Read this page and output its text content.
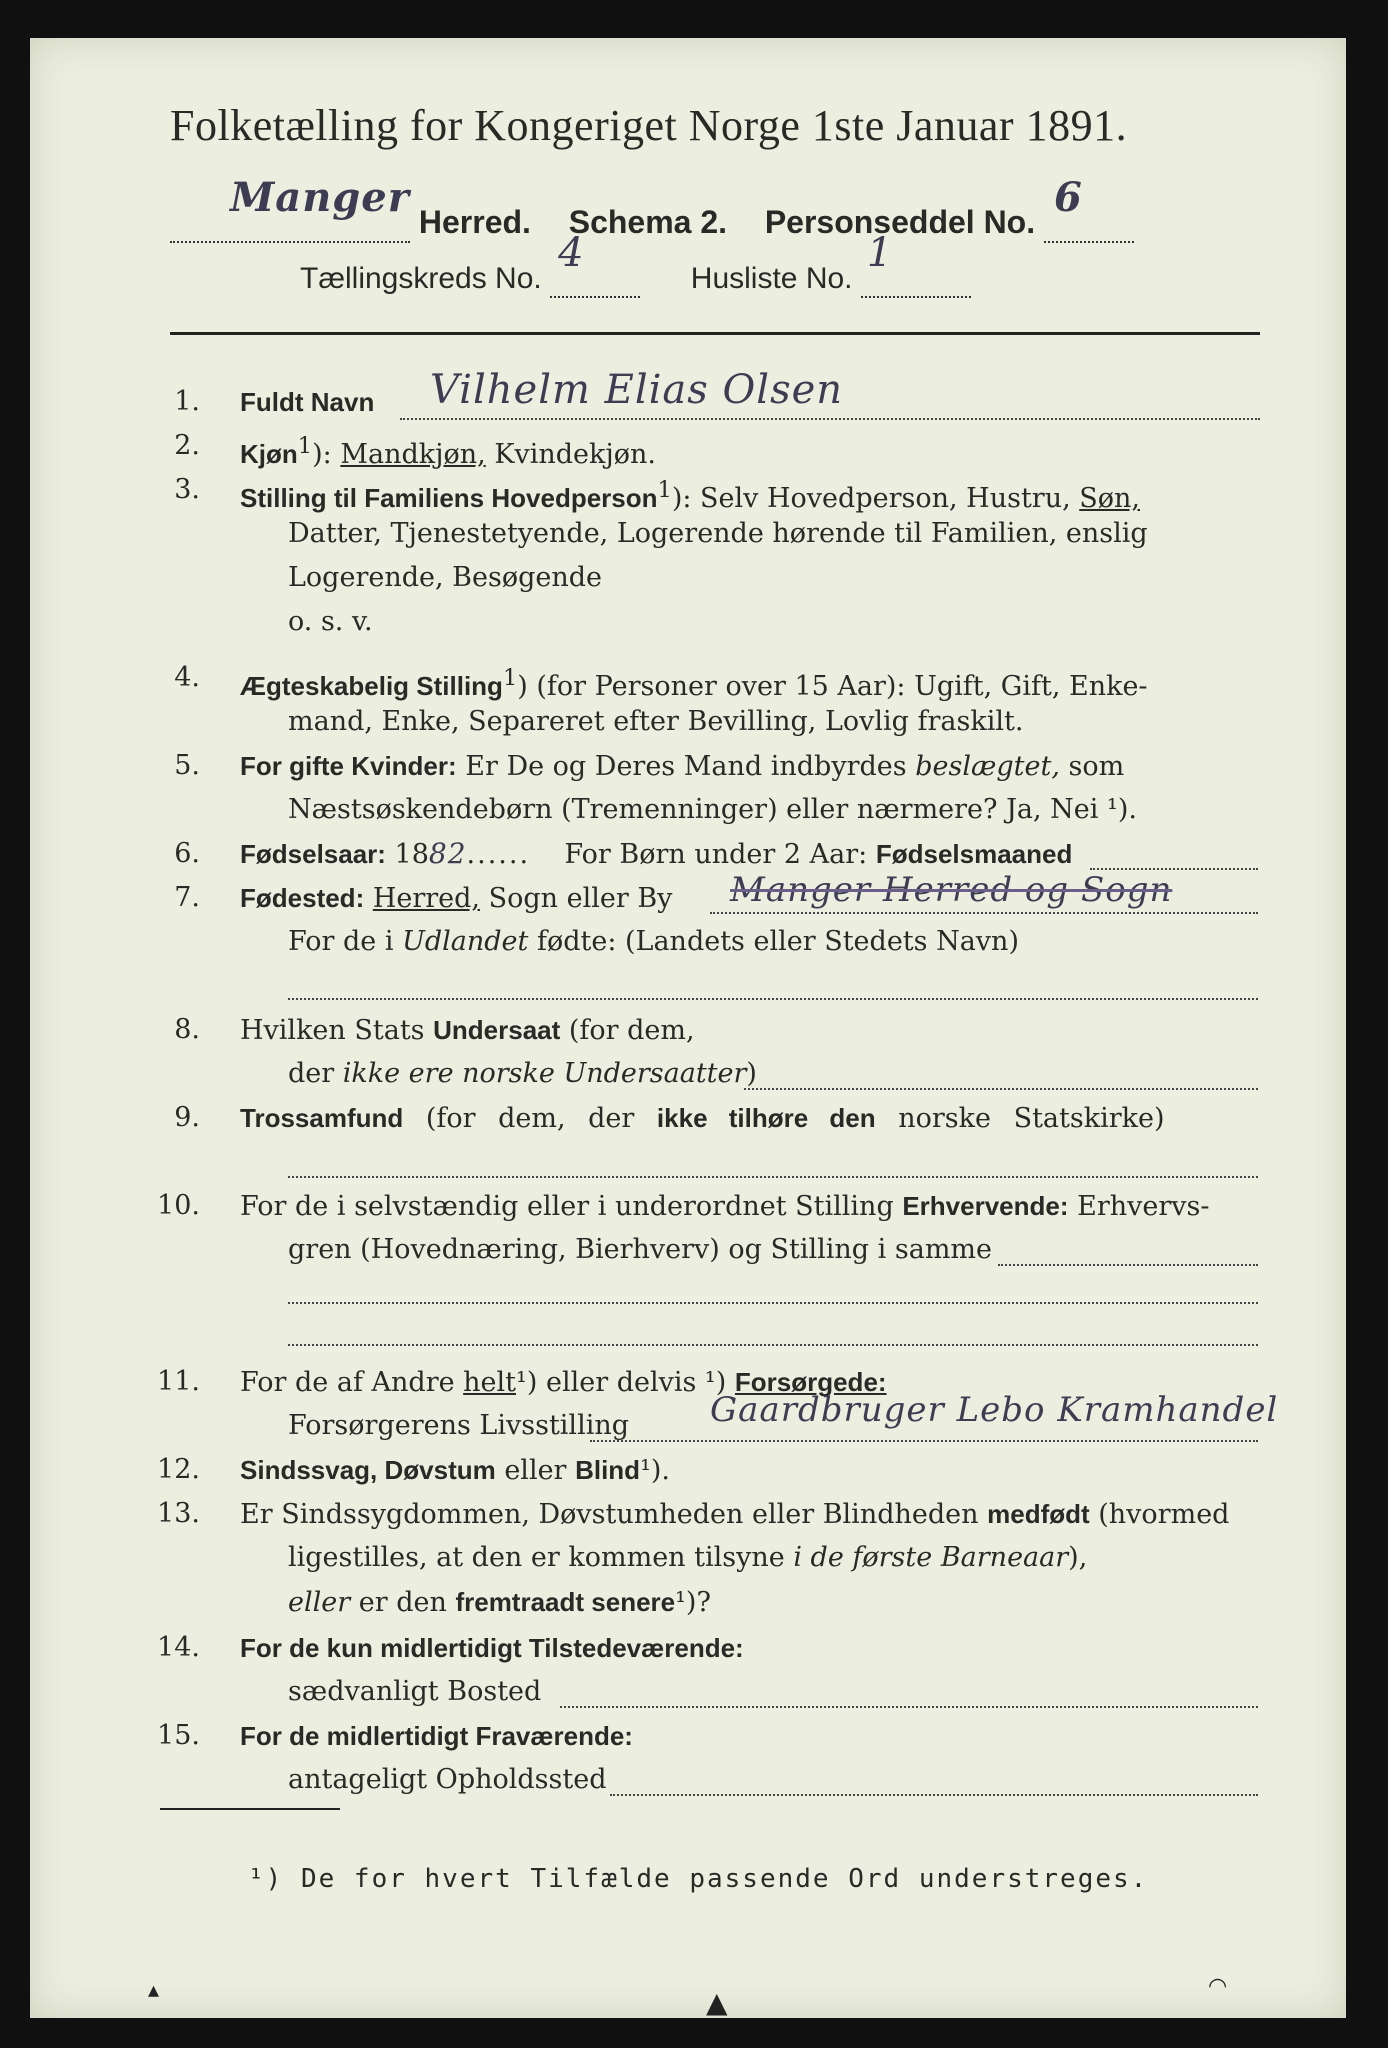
Folketælling for Kongeriget Norge 1ste Januar 1891.
Manger
Herred. Schema 2. Personseddel No.
6

Tællingskreds No.
4
Husliste No.
1

1. Fuldt Navn Vilhelm Elias Olsen
2. Kjøn$^1$): Mandkjøn, Kvindekjøn.
3. Stilling til Familiens Hovedperson$^1$): Selv Hovedperson, Hustru, Søn,
Datter, Tjenestetyende, Logerende hørende til Familien, enslig
Logerende, Besøgende
o. s. v.
4. Ægteskabelig Stilling$^1$) (for Personer over 15 Aar): Ugift, Gift, Enke-
mand, Enke, Separeret efter Bevilling, Lovlig fraskilt.
5. For gifte Kvinder: Er De og Deres Mand indbyrdes beslægtet, som
Næstsøskendebørn (Tremenninger) eller nærmere? Ja, Nei ¹).
6. Fødselsaar: 1882...... For Børn under 2 Aar: Fødselsmaaned
7. Fødested: Herred, Sogn eller By Manger Herred og Sogn
For de i Udlandet fødte: (Landets eller Stedets Navn)
8. Hvilken Stats Undersaat (for dem,
der ikke ere norske Undersaatter)
9. Trossamfund (for dem, der ikke tilhøre den norske Statskirke)
10. For de i selvstændig eller i underordnet Stilling Erhvervende: Erhvervs-
gren (Hovednæring, Bierhverv) og Stilling i samme
11. For de af Andre helt¹) eller delvis ¹) Forsørgede:
Forsørgerens Livsstilling Gaardbruger Lebo Kramhandel
12. Sindssvag, Døvstum eller Blind¹).
13. Er Sindssygdommen, Døvstumheden eller Blindheden medfødt (hvormed
ligestilles, at den er kommen tilsyne i de første Barneaar),
eller er den fremtraadt senere¹)?
14. For de kun midlertidigt Tilstedeværende:
sædvanligt Bosted
15. For de midlertidigt Fraværende:
antageligt Opholdssted
¹) De for hvert Tilfælde passende Ord understreges.
▴	▲	◠
